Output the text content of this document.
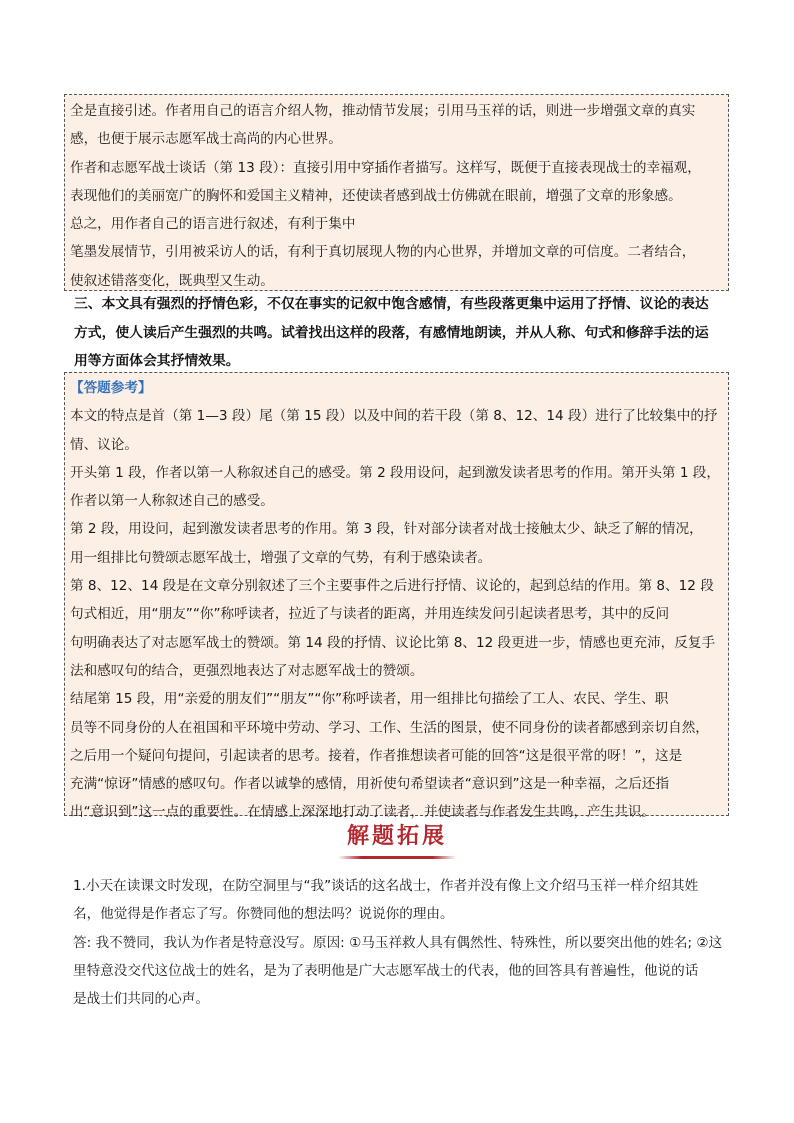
全是直接引述。作者用自己的语言介绍人物，推动情节发展；引用马玉祥的话，则进一步增强文章的真实

感，也便于展示志愿军战士高尚的内心世界。

作者和志愿军战士谈话（第 13 段）：直接引用中穿插作者描写。这样写，既便于直接表现战士的幸福观，

表现他们的美丽宽广的胸怀和爱国主义精神，还使读者感到战士仿佛就在眼前，增强了文章的形象感。

总之，用作者自己的语言进行叙述，有利于集中

笔墨发展情节，引用被采访人的话，有利于真切展现人物的内心世界，并增加文章的可信度。二者结合，

使叙述错落变化，既典型又生动。

三、本文具有强烈的抒情色彩，不仅在事实的记叙中饱含感情，有些段落更集中运用了抒情、议论的表达

方式，使人读后产生强烈的共鸣。试着找出这样的段落，有感情地朗读，并从人称、句式和修辞手法的运

用等方面体会其抒情效果。

【答题参考】

本文的特点是首（第 1—3 段）尾（第 15 段）以及中间的若干段（第 8、12、14 段）进行了比较集中的抒

情、议论。

开头第 1 段，作者以第一人称叙述自己的感受。第 2 段用设问，起到激发读者思考的作用。第开头第 1 段，

作者以第一人称叙述自己的感受。

第 2 段，用设问，起到激发读者思考的作用。第 3 段，针对部分读者对战士接触太少、缺乏了解的情况，

用一组排比句赞颂志愿军战士，增强了文章的气势，有利于感染读者。

第 8、12、14 段是在文章分别叙述了三个主要事件之后进行抒情、议论的，起到总结的作用。第 8、12 段

句式相近，用“朋友”“你”称呼读者，拉近了与读者的距离，并用连续发问引起读者思考，其中的反问

句明确表达了对志愿军战士的赞颂。第 14 段的抒情、议论比第 8、12 段更进一步，情感也更充沛，反复手

法和感叹句的结合，更强烈地表达了对志愿军战士的赞颂。

结尾第 15 段，用“亲爱的朋友们”“朋友”“你”称呼读者，用一组排比句描绘了工人、农民、学生、职

员等不同身份的人在祖国和平环境中劳动、学习、工作、生活的图景，使不同身份的读者都感到亲切自然，

之后用一个疑问句提问，引起读者的思考。接着，作者推想读者可能的回答“这是很平常的呀！”，这是

充满“惊讶”情感的感叹句。作者以诚挚的感情，用祈使句希望读者“意识到”这是一种幸福，之后还指

出“意识到”这一点的重要性。在情感上深深地打动了读者，并使读者与作者发生共鸣，产生共识。

解题拓展

1.小天在读课文时发现，在防空洞里与“我”谈话的这名战士，作者并没有像上文介绍马玉祥一样介绍其姓

名，他觉得是作者忘了写。你赞同他的想法吗？说说你的理由。

答: 我不赞同，我认为作者是特意没写。原因: ①马玉祥救人具有偶然性、特殊性，所以要突出他的姓名; ②这

里特意没交代这位战士的姓名，是为了表明他是广大志愿军战士的代表，他的回答具有普遍性，他说的话

是战士们共同的心声。
